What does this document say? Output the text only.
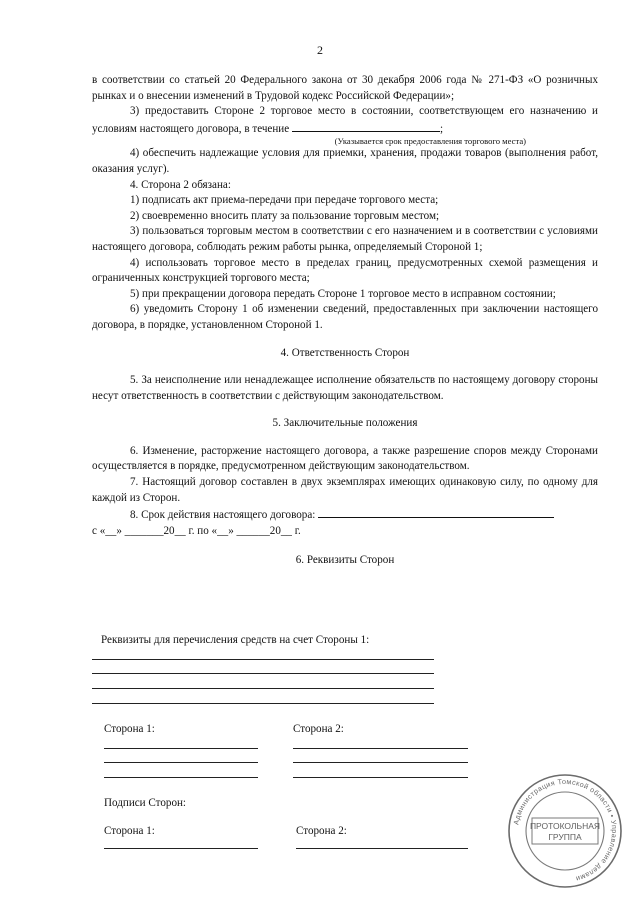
2

в соответствии со статьей 20 Федерального закона от 30 декабря 2006 года № 271-ФЗ «О розничных рынках и о внесении изменений в Трудовой кодекс Российской Федерации»;

3) предоставить Стороне 2 торговое место в состоянии, соответствующем его назначению и условиям настоящего договора, в течение	;

(Указывается срок предоставления торгового места)

4) обеспечить надлежащие условия для приемки, хранения, продажи товаров (выполнения работ, оказания услуг).

4. Сторона 2 обязана:

1) подписать акт приема-передачи при передаче торгового места;

2) своевременно вносить плату за пользование торговым местом;

3) пользоваться торговым местом в соответствии с его назначением и в соответствии с условиями настоящего договора, соблюдать режим работы рынка, определяемый Стороной 1;

4) использовать торговое место в пределах границ, предусмотренных схемой размещения и ограниченных конструкцией торгового места;

5) при прекращении договора передать Стороне 1 торговое место в исправном состоянии;

6) уведомить Сторону 1 об изменении сведений, предоставленных при заключении настоящего договора, в порядке, установленном Стороной 1.

4. Ответственность Сторон

5. За неисполнение или ненадлежащее исполнение обязательств по настоящему договору стороны несут ответственность в соответствии с действующим законодательством.

5. Заключительные положения

6. Изменение, расторжение настоящего договора, а также разрешение споров между Сторонами осуществляется в порядке, предусмотренном действующим законодательством.

7. Настоящий договор составлен в двух экземплярах имеющих одинаковую силу, по одному для каждой из Сторон.

8. Срок действия настоящего договора:

с «__» _______20__ г. по «__» ______20__ г.

6. Реквизиты Сторон

Реквизиты для перечисления средств на счет Стороны 1:
Сторона 1:	Сторона 2:
Подписи Сторон:
Сторона 1:	Сторона 2:
Администрация Томской области • Управление делами
ПРОТОКОЛЬНАЯ
ГРУППА
